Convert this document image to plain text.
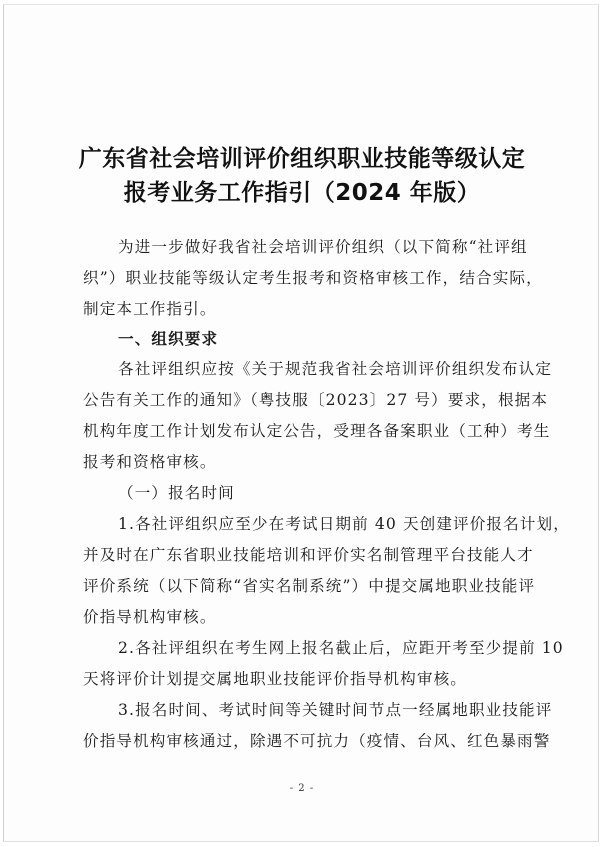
广东省社会培训评价组织职业技能等级认定
报考业务工作指引（2024 年版）
为进一步做好我省社会培训评价组织（以下简称“社评组
织”）职业技能等级认定考生报考和资格审核工作，结合实际，
制定本工作指引。
一、组织要求
各社评组织应按《关于规范我省社会培训评价组织发布认定
公告有关工作的通知》（粤技服〔2023〕27 号）要求，根据本
机构年度工作计划发布认定公告，受理各备案职业（工种）考生
报考和资格审核。
（一）报名时间
1.各社评组织应至少在考试日期前 40 天创建评价报名计划，
并及时在广东省职业技能培训和评价实名制管理平台技能人才
评价系统（以下简称“省实名制系统”）中提交属地职业技能评
价指导机构审核。
2.各社评组织在考生网上报名截止后，应距开考至少提前 10
天将评价计划提交属地职业技能评价指导机构审核。
3.报名时间、考试时间等关键时间节点一经属地职业技能评
价指导机构审核通过，除遇不可抗力（疫情、台风、红色暴雨警
- 2 -
